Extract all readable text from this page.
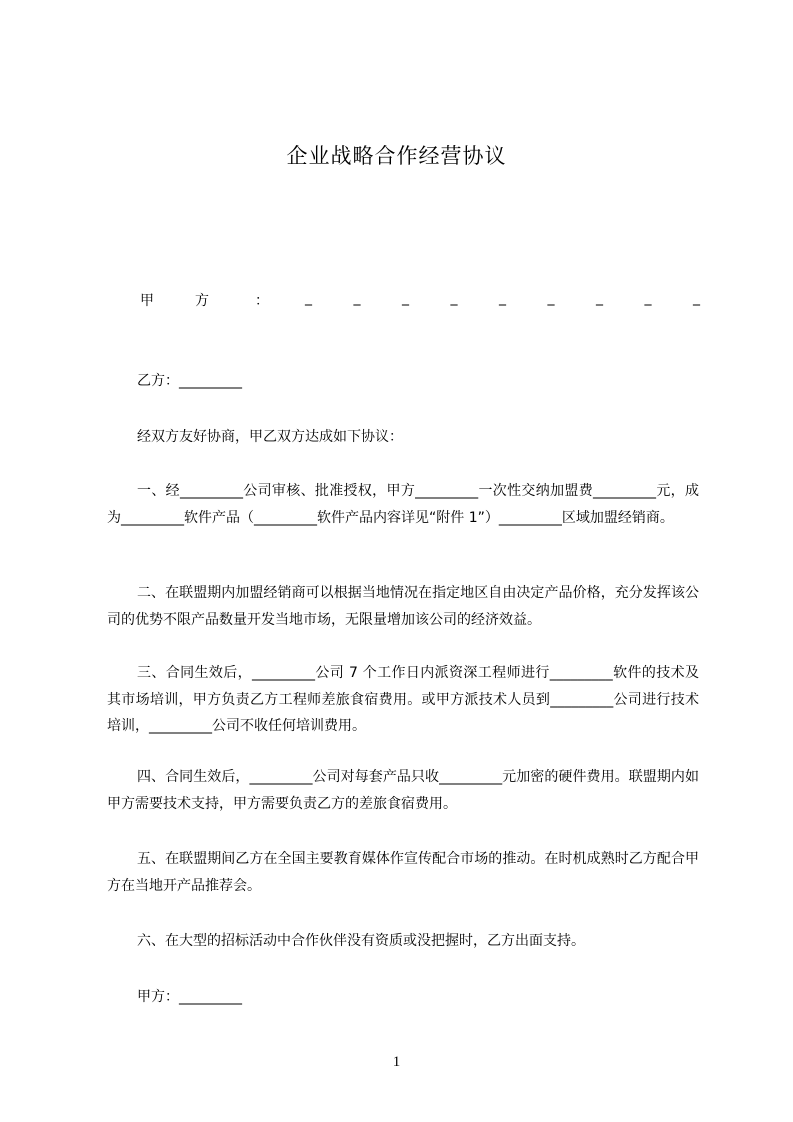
企业战略合作经营协议
甲	方	：	_	_	_	_	_	_	_	_	_

乙方：_________

经双方友好协商，甲乙双方达成如下协议：

一、经_________公司审核、批准授权，甲方_________一次性交纳加盟费_________元，成为_________软件产品（_________软件产品内容详见“附件 1”）_________区域加盟经销商。

二、在联盟期内加盟经销商可以根据当地情况在指定地区自由决定产品价格，充分发挥该公司的优势不限产品数量开发当地市场，无限量增加该公司的经济效益。

三、合同生效后，_________公司 7 个工作日内派资深工程师进行_________软件的技术及其市场培训，甲方负责乙方工程师差旅食宿费用。或甲方派技术人员到_________公司进行技术培训，_________公司不收任何培训费用。

四、合同生效后，_________公司对每套产品只收_________元加密的硬件费用。联盟期内如甲方需要技术支持，甲方需要负责乙方的差旅食宿费用。

五、在联盟期间乙方在全国主要教育媒体作宣传配合市场的推动。在时机成熟时乙方配合甲方在当地开产品推荐会。

六、在大型的招标活动中合作伙伴没有资质或没把握时，乙方出面支持。

甲方：_________

1
